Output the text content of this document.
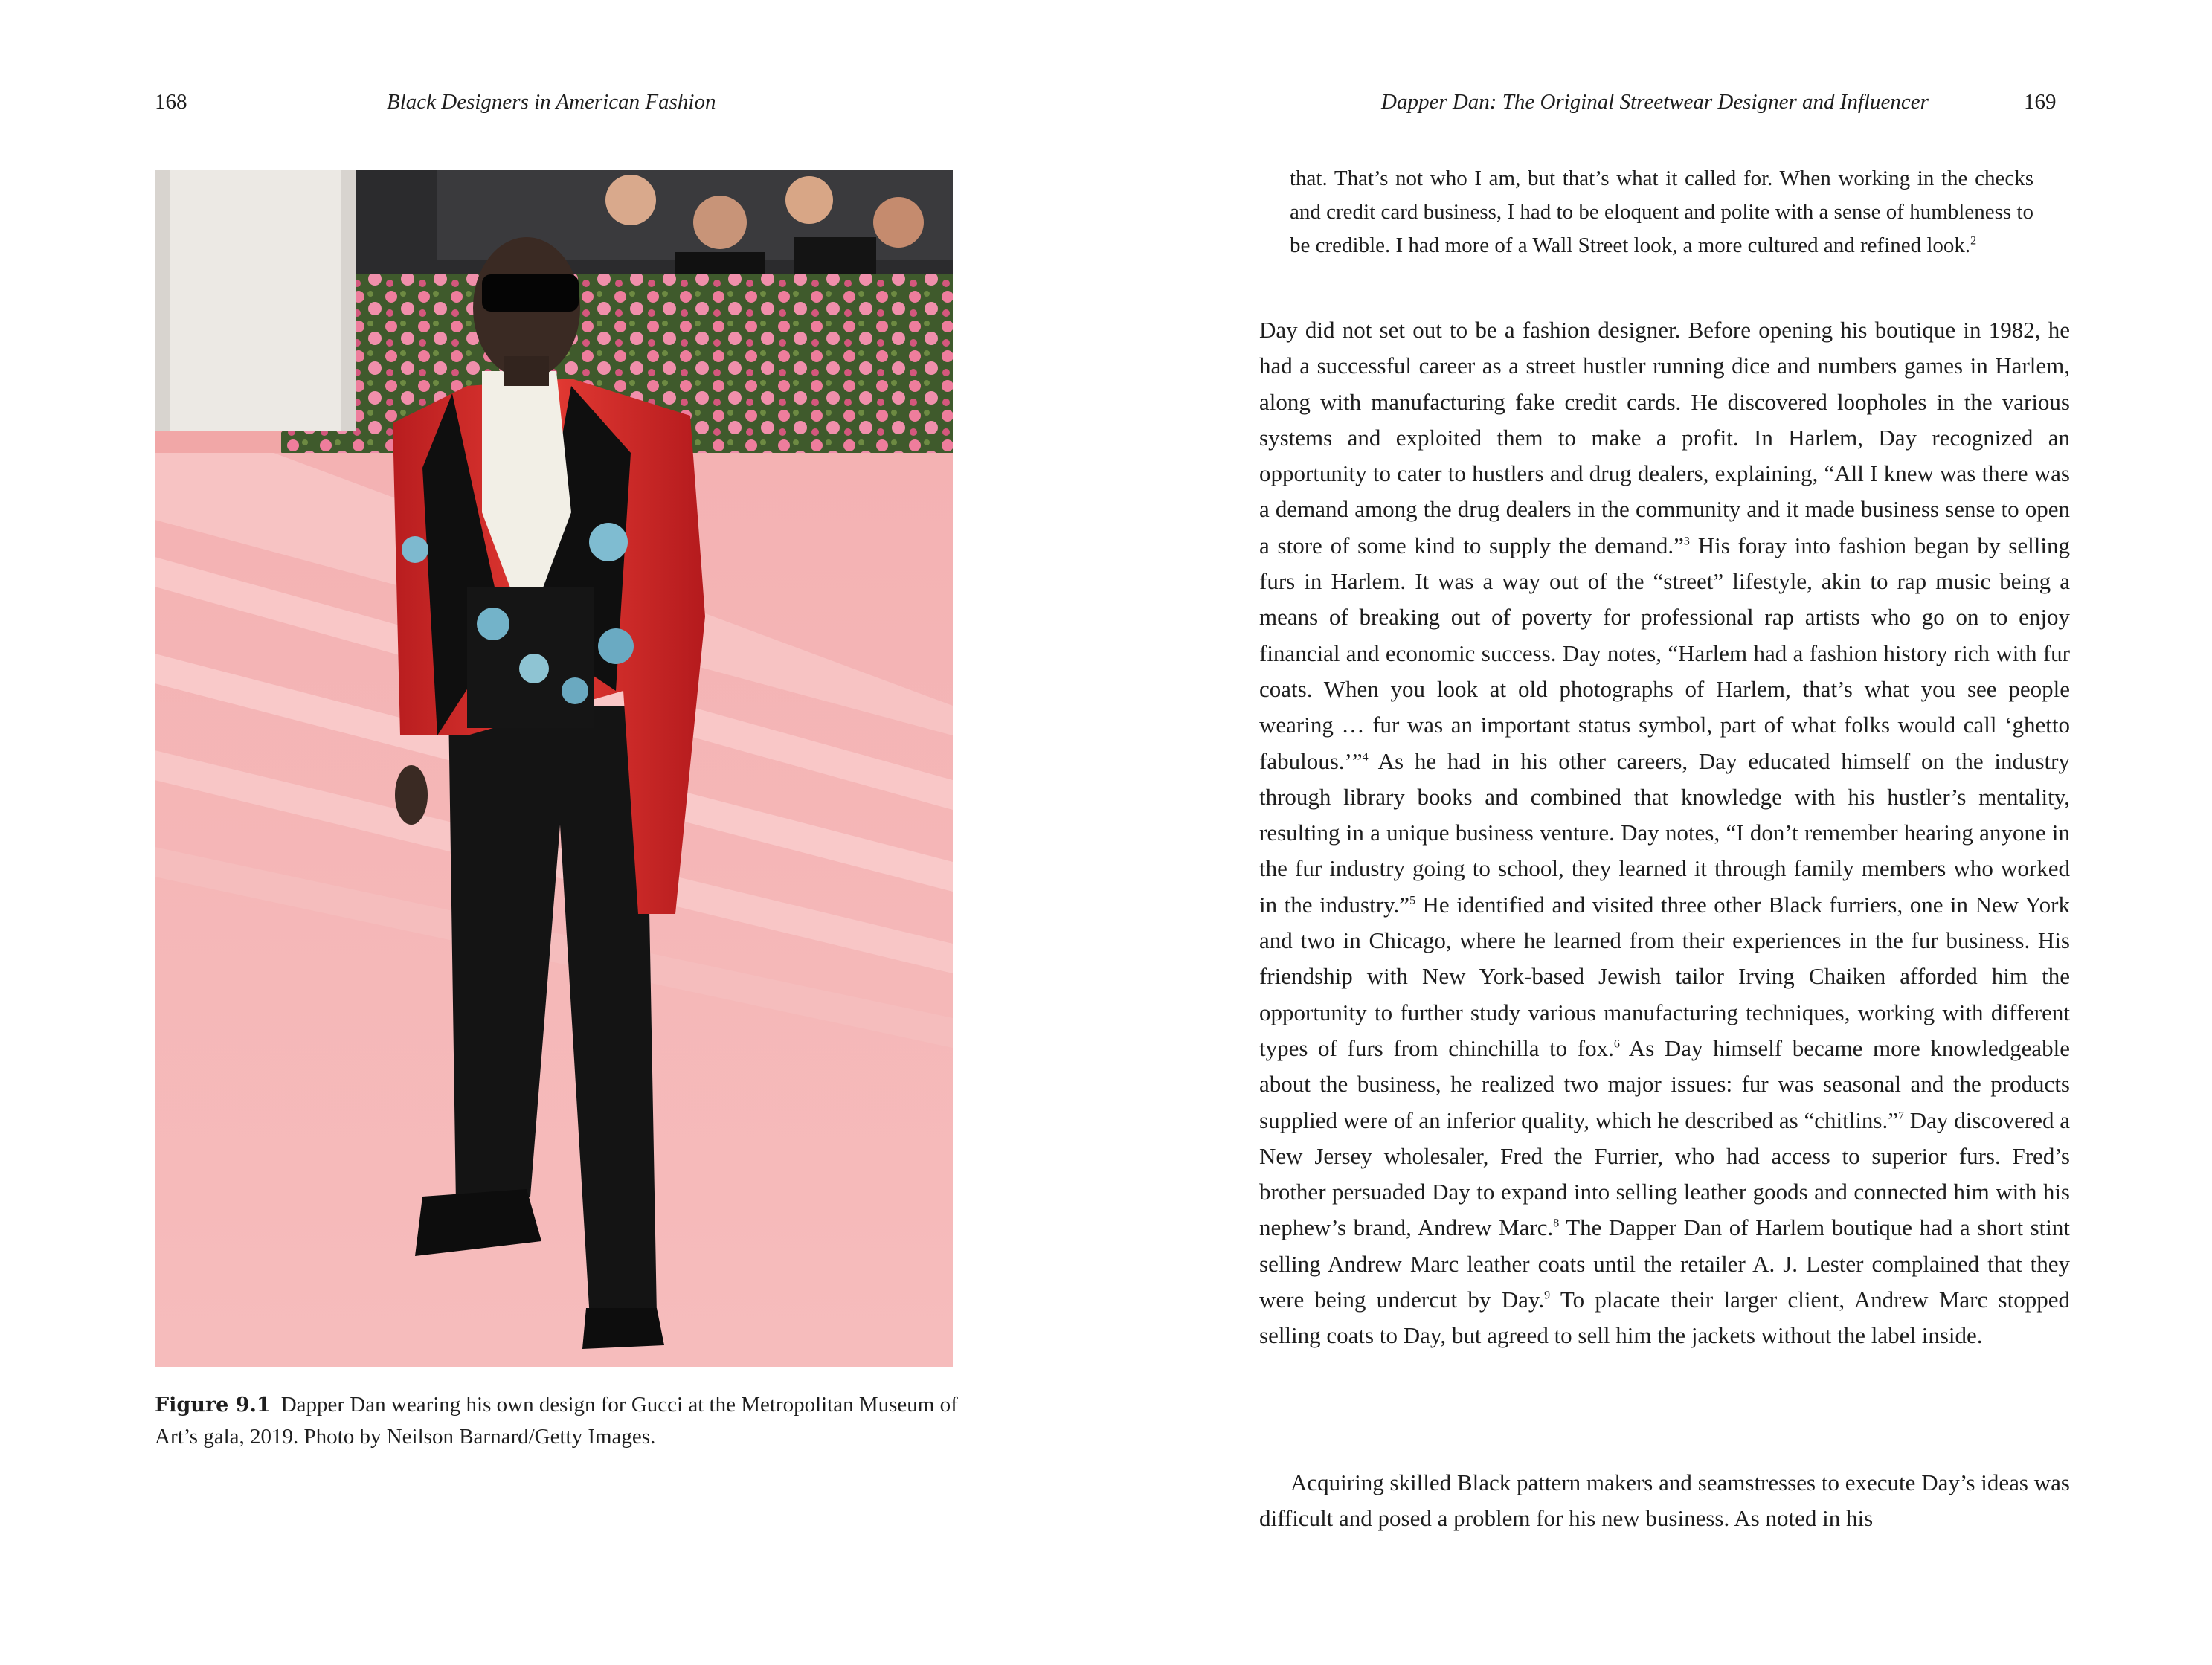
168	Black Designers in American Fashion
Figure 9.1 Dapper Dan wearing his own design for Gucci at the Metropolitan Museum of Art’s gala, 2019. Photo by Neilson Barnard/Getty Images.
Dapper Dan: The Original Streetwear Designer and Influencer	169
that. That’s not who I am, but that’s what it called for. When working in the checks and credit card business, I had to be eloquent and polite with a sense of humbleness to be credible. I had more of a Wall Street look, a more cultured and refined look.$^2$

Day did not set out to be a fashion designer. Before opening his boutique in 1982, he had a successful career as a street hustler running dice and numbers games in Harlem, along with manufacturing fake credit cards. He discovered loopholes in the various systems and exploited them to make a profit. In Harlem, Day recognized an opportunity to cater to hustlers and drug dealers, explaining, “All I knew was there was a demand among the drug dealers in the community and it made business sense to open a store of some kind to supply the demand.”$^3$ His foray into fashion began by selling furs in Harlem. It was a way out of the “street” lifestyle, akin to rap music being a means of breaking out of poverty for professional rap artists who go on to enjoy financial and economic success. Day notes, “Harlem had a fashion history rich with fur coats. When you look at old photographs of Harlem, that’s what you see people wearing … fur was an important status symbol, part of what folks would call ‘ghetto fabulous.’”$^4$ As he had in his other careers, Day educated himself on the industry through library books and combined that knowledge with his hustler’s mentality, resulting in a unique business venture. Day notes, “I don’t remember hearing anyone in the fur industry going to school, they learned it through family members who worked in the industry.”$^5$ He identified and visited three other Black furriers, one in New York and two in Chicago, where he learned from their experiences in the fur business. His friendship with New York-based Jewish tailor Irving Chaiken afforded him the opportunity to further study various manufacturing techniques, working with different types of furs from chinchilla to fox.$^6$ As Day himself became more knowledgeable about the business, he realized two major issues: fur was seasonal and the products supplied were of an inferior quality, which he described as “chitlins.”$^7$ Day discovered a New Jersey wholesaler, Fred the Furrier, who had access to superior furs. Fred’s brother persuaded Day to expand into selling leather goods and connected him with his nephew’s brand, Andrew Marc.$^8$ The Dapper Dan of Harlem boutique had a short stint selling Andrew Marc leather coats until the retailer A. J. Lester complained that they were being undercut by Day.$^9$ To placate their larger client, Andrew Marc stopped selling coats to Day, but agreed to sell him the jackets without the label inside.

Acquiring skilled Black pattern makers and seamstresses to execute Day’s ideas was difficult and posed a problem for his new business. As noted in his
